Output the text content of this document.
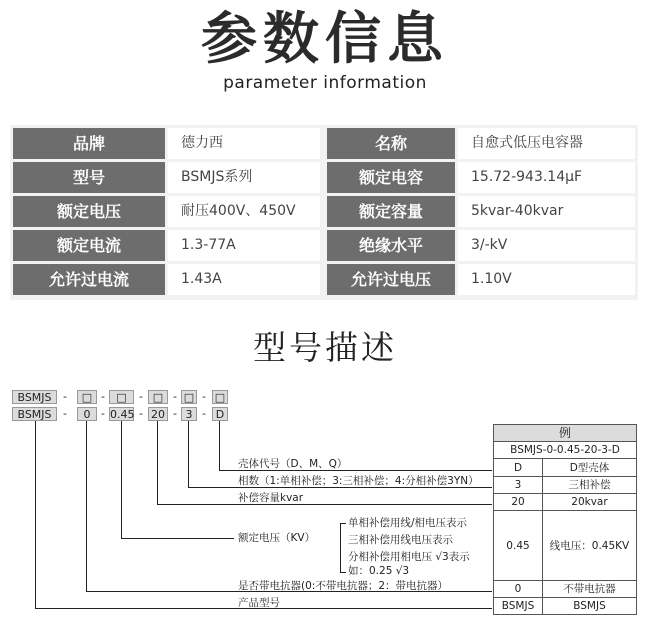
参数信息
parameter information
品牌	德力西	名称	自愈式低压电容器
型号	BSMJS系列	额定电容	15.72-943.14μF
额定电压	耐压400V、450V	额定容量	5kvar-40kvar
额定电流	1.3-77A	绝缘水平	3/-kV
允许过电流	1.43A	允许过电压	1.10V
型号描述
BSMJS	-	□ -	□	- □ - □ - □
BSMJS	-	0 - 0.45 - 20 - 3 - D
壳体代号（D、M、Q）
相数（1:单相补偿；3:三相补偿；4:分相补偿3YN）
补偿容量kvar
额定电压（KV）
单相补偿用线/相电压表示
三相补偿用线电压表示
分相补偿用相电压 √3表示
如：0.25 √3
是否带电抗器(0:不带电抗器；2：带电抗器）
产品型号
例
BSMJS-0-0.45-20-3-D
D	D型壳体
3	三相补偿
20	20kvar
0.45	线电压：0.45KV
0	不带电抗器
BSMJS	BSMJS
